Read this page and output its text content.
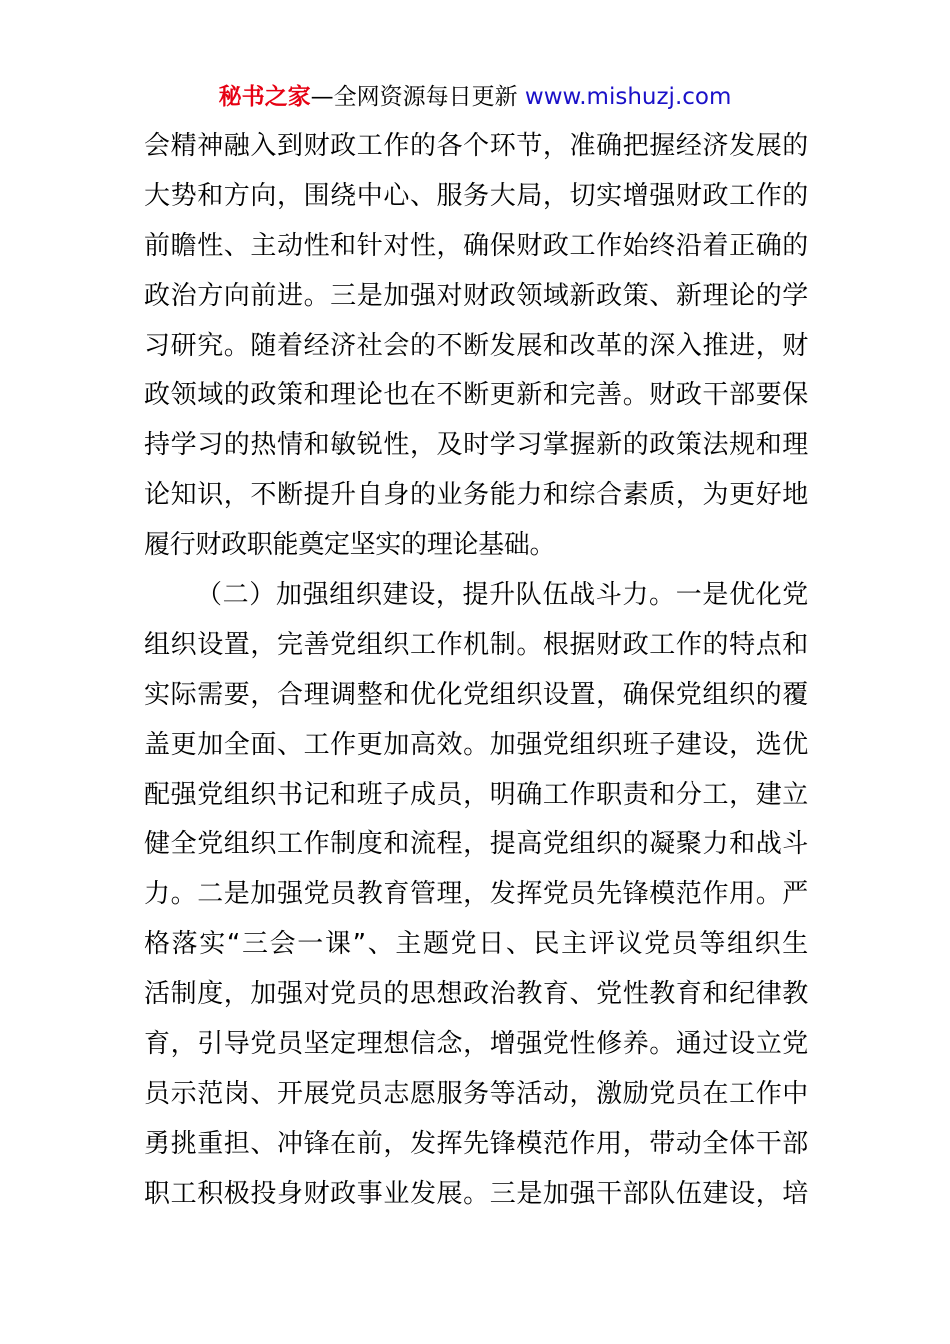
秘书之家—全网资源每日更新 www.mishuzj.com
会精神融入到财政工作的各个环节，准确把握经济发展的
大势和方向，围绕中心、服务大局，切实增强财政工作的
前瞻性、主动性和针对性，确保财政工作始终沿着正确的
政治方向前进。三是加强对财政领域新政策、新理论的学
习研究。随着经济社会的不断发展和改革的深入推进，财
政领域的政策和理论也在不断更新和完善。财政干部要保
持学习的热情和敏锐性，及时学习掌握新的政策法规和理
论知识，不断提升自身的业务能力和综合素质，为更好地
履行财政职能奠定坚实的理论基础。
（二）加强组织建设，提升队伍战斗力。一是优化党
组织设置，完善党组织工作机制。根据财政工作的特点和
实际需要，合理调整和优化党组织设置，确保党组织的覆
盖更加全面、工作更加高效。加强党组织班子建设，选优
配强党组织书记和班子成员，明确工作职责和分工，建立
健全党组织工作制度和流程，提高党组织的凝聚力和战斗
力。二是加强党员教育管理，发挥党员先锋模范作用。严
格落实“三会一课”、主题党日、民主评议党员等组织生
活制度，加强对党员的思想政治教育、党性教育和纪律教
育，引导党员坚定理想信念，增强党性修养。通过设立党
员示范岗、开展党员志愿服务等活动，激励党员在工作中
勇挑重担、冲锋在前，发挥先锋模范作用，带动全体干部
职工积极投身财政事业发展。三是加强干部队伍建设，培
